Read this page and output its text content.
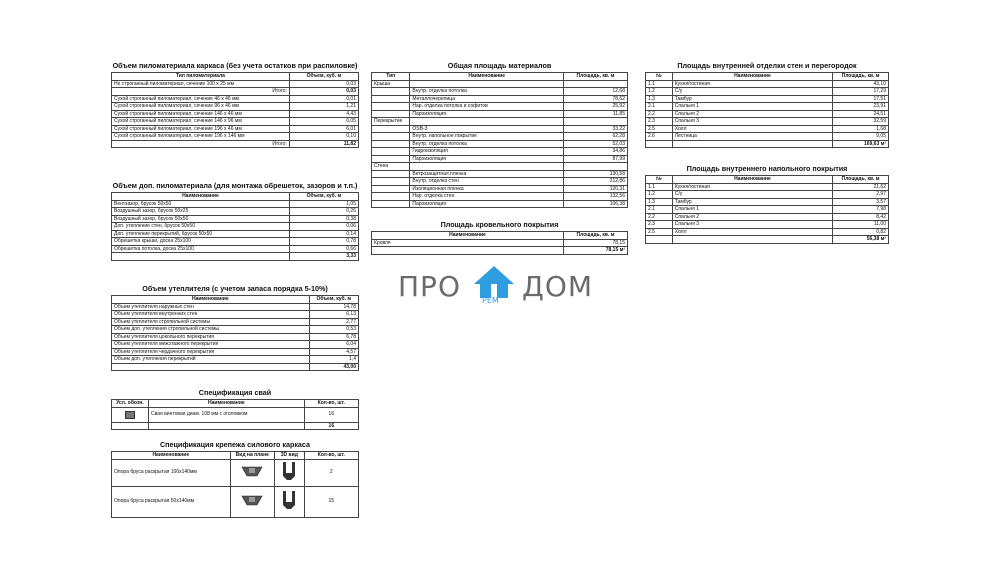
Объем пиломатериала каркаса (без учета остатков при распиловке)
Тип пиломатериала	Объем, куб. м
Не строганный пиломатериал, сечение 100 х 25 мм	0,03
Итого:	0,03
Сухой строганный пиломатериал, сечение 46 х 46 мм	0,01
Сухой строганный пиломатериал, сечение 96 х 46 мм	1,21
Сухой строганный пиломатериал, сечение 146 х 46 мм	4,43
Сухой строганный пиломатериал, сечение 146 х 96 мм	0,05
Сухой строганный пиломатериал, сечение 196 х 46 мм	6,01
Сухой строганный пиломатериал, сечение 196 х 146 мм	0,10
Итого:	11,82
Объем доп. пиломатериала (для монтажа обрешеток, зазоров и т.п.)
Наименование	Объем, куб. м
Вентзазор, брусок 50х50	1,05
Воздушный зазор, брусок 50х25	0,26
Воздушный зазор, брусок 50х50	0,38
Доп. утепление стен, брусок 50х50	0,06
Доп. утепление перекрытий, брусок 50х50	0,14
Обрешетка крыши, доска 25х100	0,78
Обрешетка потолка, доска 25х100	0,66
	3,33
Объем утеплителя (с учетом запаса порядка 5-10%)
Наименование	Объем, куб. м
Объем утеплителя наружных стен	14,78
Объем утеплителя внутренних стен	6,13
Объем утеплителя стропильной системы	2,77
Объем доп. утепления стропильной системы	0,53
Объем утеплителя цокольного перекрытия	6,78
Объем утеплителя межэтажного перекрытия	6,04
Объем утеплителя чердачного перекрытия	4,57
Объем доп. утепления перекрытий	1,4
	43,00
Спецификация свай
Усл. обозн.	Наименование	Кол-во, шт.
	Свая винтовая диам. 108 мм с оголовком	16
		16
Спецификация крепежа силового каркаса
Наименование	Вид на плане	3D вид	Кол-во, шт.
Опора бруса раскрытая 100х140мм			2
Опора бруса раскрытая 50х140мм			15
Общая площадь материалов
Тип	Наименование	Площадь, кв. м
Крыша		
	Внутр. отделка потолка	12,68
	Металлочерепица	78,62
	Нар. отделка потолка и софитов	25,92
	Пароизоляция	11,85
Перекрытие		
	OSB-3	33,22
	Внутр. напольное покрытие	62,28
	Внутр. отделка потолка	52,03
	Гидроизоляция	34,86
	Пароизоляция	87,99
Стена		
	Ветрозащитная пленка	130,58
	Внутр. отделка стен	212,86
	Изоляционная пленка	120,31
	Нар. отделка стен	132,56
	Пароизоляция	106,38
Площадь кровельного покрытия
Наименование	Площадь, кв. м
Кровля	78,15
	78,15 м²
Площадь внутренней отделки стен и перегородок
№	Наименование	Площадь, кв. м
1.1	Кухня/гостиная	43,10
1.2	С/у	17,29
1.3	Тамбур	17,51
2.1	Спальня 1	23,91
2.2	Спальня 2	24,51
2.3	Спальня 3	32,59
2.5	Холл	1,68
2.6	Лестница	9,05
		169,63 м²
Площадь внутреннего напольного покрытия
№	Наименование	Площадь, кв. м
1.1	Кухня/гостиная	21,62
1.2	С/у	2,97
1.3	Тамбур	3,57
2.1	Спальня 1	7,98
2.2	Спальня 2	8,42
2.3	Спальня 3	11,00
2.5	Холл	0,82
		56,38 м²
ПРО	РЕМ ДОМ
